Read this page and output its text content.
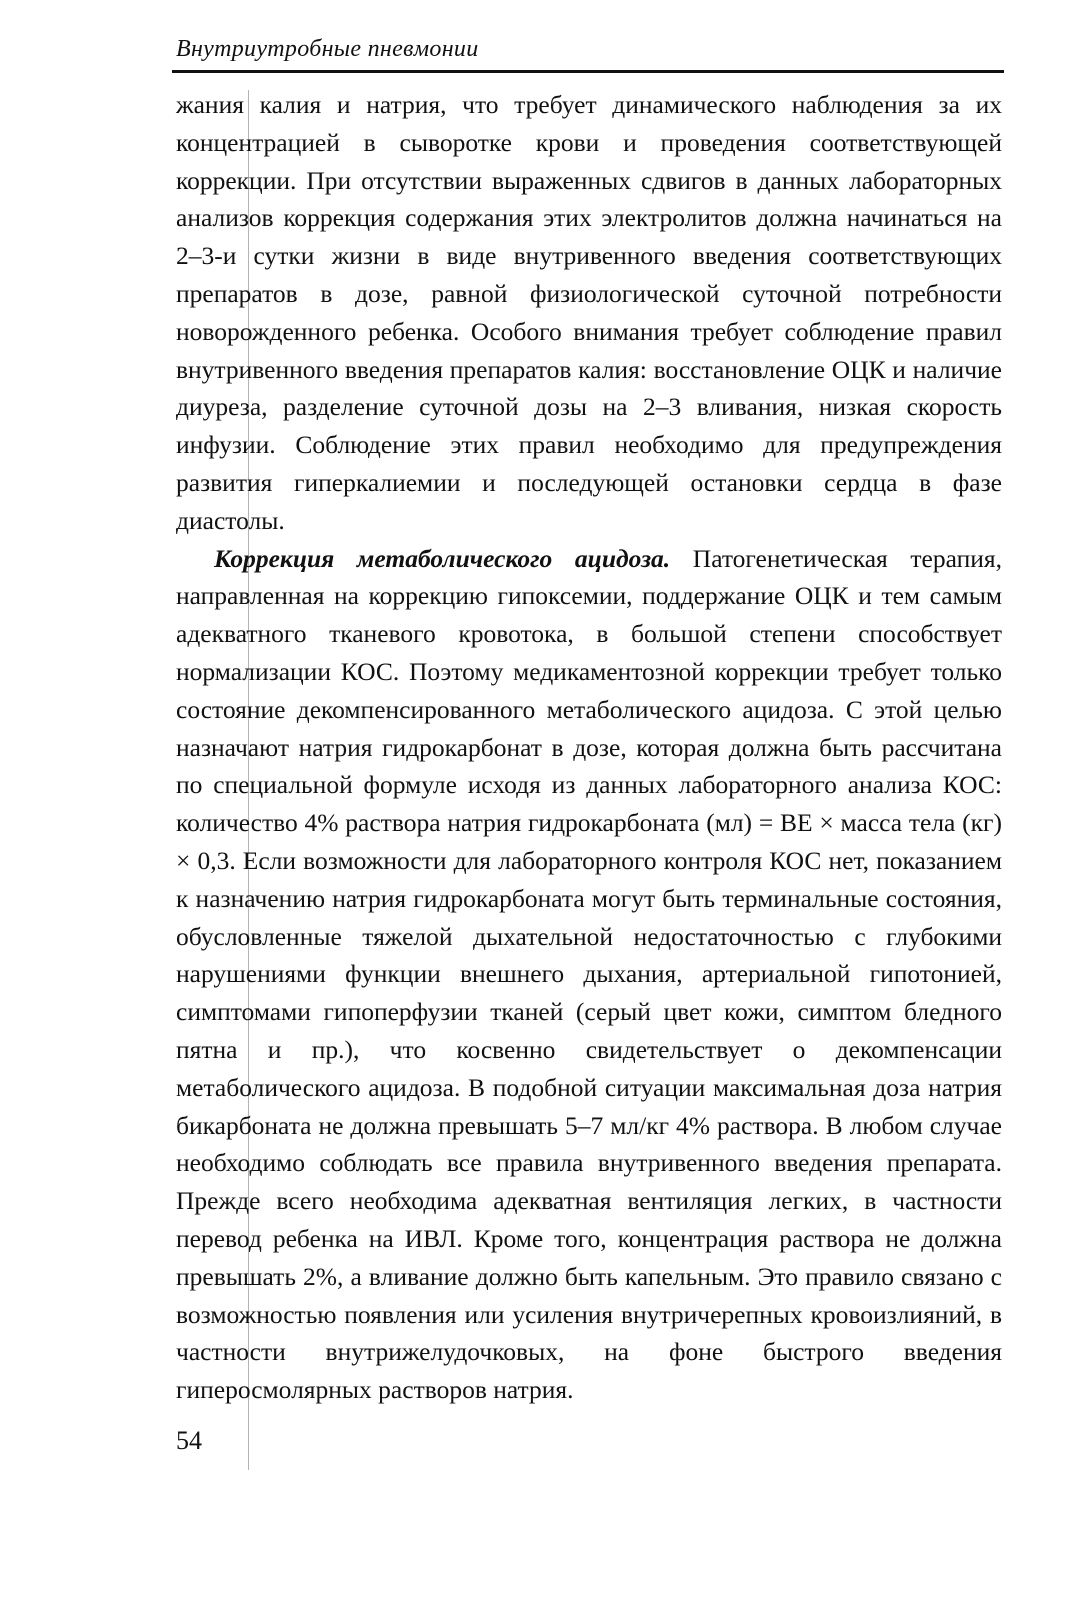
Внутриутробные пневмонии

жания калия и натрия, что требует динамического наблюдения за их концентрацией в сыворотке крови и проведения соответствующей коррекции. При отсутствии выраженных сдвигов в данных лабораторных анализов коррекция содержания этих электролитов должна начинаться на 2–3-и сутки жизни в виде внутривенного введения соответствующих препаратов в дозе, равной физиологической суточной потребности новорожденного ребенка. Особого внимания требует соблюдение правил внутривенного введения препаратов калия: восстановление ОЦК и наличие диуреза, разделение суточной дозы на 2–3 вливания, низкая скорость инфузии. Соблюдение этих правил необходимо для предупреждения развития гиперкалиемии и последующей остановки сердца в фазе диастолы.

Коррекция метаболического ацидоза. Патогенетическая терапия, направленная на коррекцию гипоксемии, поддержание ОЦК и тем самым адекватного тканевого кровотока, в большой степени способствует нормализации КОС. Поэтому медикаментозной коррекции требует только состояние декомпенсированного метаболического ацидоза. С этой целью назначают натрия гидрокарбонат в дозе, которая должна быть рассчитана по специальной формуле исходя из данных лабораторного анализа КОС: количество 4% раствора натрия гидрокарбоната (мл) = BE × масса тела (кг) × 0,3. Если возможности для лабораторного контроля КОС нет, показанием к назначению натрия гидрокарбоната могут быть терминальные состояния, обусловленные тяжелой дыхательной недостаточностью с глубокими нарушениями функции внешнего дыхания, артериальной гипотонией, симптомами гипоперфузии тканей (серый цвет кожи, симптом бледного пятна и пр.), что косвенно свидетельствует о декомпенсации метаболического ацидоза. В подобной ситуации максимальная доза натрия бикарбоната не должна превышать 5–7 мл/кг 4% раствора. В любом случае необходимо соблюдать все правила внутривенного введения препарата. Прежде всего необходима адекватная вентиляция легких, в частности перевод ребенка на ИВЛ. Кроме того, концентрация раствора не должна превышать 2%, а вливание должно быть капельным. Это правило связано с возможностью появления или усиления внутричерепных кровоизлияний, в частности внутрижелудочковых, на фоне быстрого введения гиперосмолярных растворов натрия.

54
